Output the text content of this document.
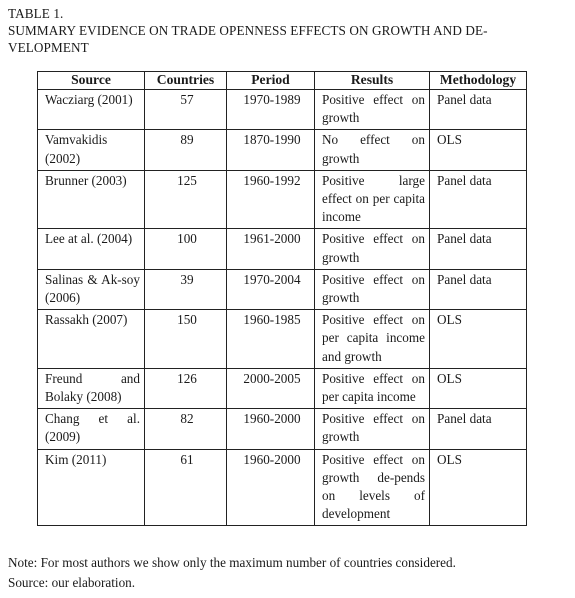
TABLE 1.
SUMMARY EVIDENCE ON TRADE OPENNESS EFFECTS ON GROWTH AND DE-
VELOPMENT
Source	Countries	Period	Results	Methodology
Wacziarg (2001)	57	1970-1989	Positive effect on growth	Panel data
Vamvakidis (2002)	89	1870-1990	No effect on growth	OLS
Brunner (2003)	125	1960-1992	Positive large effect on per capita income	Panel data
Lee at al. (2004)	100	1961-2000	Positive effect on growth	Panel data
Salinas & Ak-soy (2006)	39	1970-2004	Positive effect on growth	Panel data
Rassakh (2007)	150	1960-1985	Positive effect on per capita income and growth	OLS
Freund and Bolaky (2008)	126	2000-2005	Positive effect on per capita income	OLS
Chang et al. (2009)	82	1960-2000	Positive effect on growth	Panel data
Kim (2011)	61	1960-2000	Positive effect on growth de-pends on levels of development	OLS
Note: For most authors we show only the maximum number of countries considered.
Source: our elaboration.
